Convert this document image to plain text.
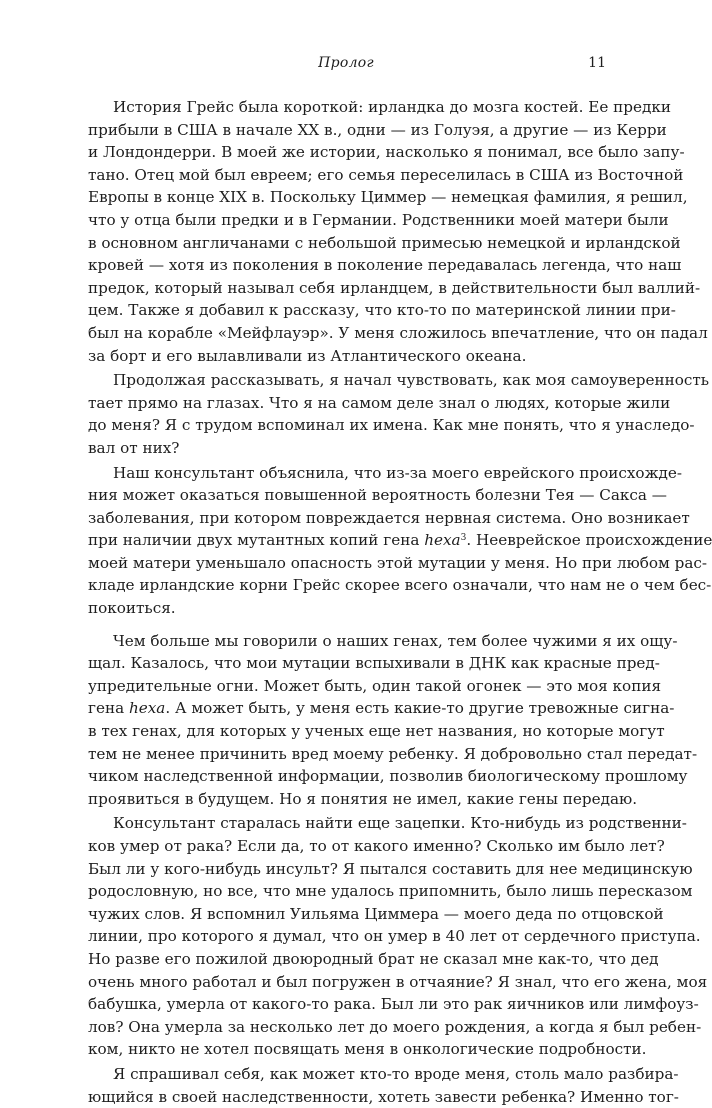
Пролог	11
История Грейс была короткой: ирландка до мозга костей. Ее предки
прибыли в США в начале XX в., одни — из Голуэя, а другие — из Керри
и Лондондерри. В моей же истории, насколько я понимал, все было запу-
тано. Отец мой был евреем; его семья переселилась в США из Восточной
Европы в конце XIX в. Поскольку Циммер — немецкая фамилия, я решил,
что у отца были предки и в Германии. Родственники моей матери были
в основном англичанами с небольшой примесью немецкой и ирландской
кровей — хотя из поколения в поколение передавалась легенда, что наш
предок, который называл себя ирландцем, в действительности был валлий-
цем. Также я добавил к рассказу, что кто-то по материнской линии при-
был на корабле «Мейфлауэр». У меня сложилось впечатление, что он падал
за борт и его вылавливали из Атлантического океана.
Продолжая рассказывать, я начал чувствовать, как моя самоуверенность
тает прямо на глазах. Что я на самом деле знал о людях, которые жили
до меня? Я с трудом вспоминал их имена. Как мне понять, что я унаследо-
вал от них?
Наш консультант объяснила, что из-за моего еврейского происхожде-
ния может оказаться повышенной вероятность болезни Тея — Сакса —
заболевания, при котором повреждается нервная система. Оно возникает
при наличии двух мутантных копий гена hexa$^3$. Нееврейское происхождение
моей матери уменьшало опасность этой мутации у меня. Но при любом рас-
кладе ирландские корни Грейс скорее всего означали, что нам не о чем бес-
покоиться.
Чем больше мы говорили о наших генах, тем более чужими я их ощу-
щал. Казалось, что мои мутации вспыхивали в ДНК как красные пред-
упредительные огни. Может быть, один такой огонек — это моя копия
гена hexa. А может быть, у меня есть какие-то другие тревожные сигна-
в тех генах, для которых у ученых еще нет названия, но которые могут
тем не менее причинить вред моему ребенку. Я добровольно стал передат-
чиком наследственной информации, позволив биологическому прошлому
проявиться в будущем. Но я понятия не имел, какие гены передаю.
Консультант старалась найти еще зацепки. Кто-нибудь из родственни-
ков умер от рака? Если да, то от какого именно? Сколько им было лет?
Был ли у кого-нибудь инсульт? Я пытался составить для нее медицинскую
родословную, но все, что мне удалось припомнить, было лишь пересказом
чужих слов. Я вспомнил Уильяма Циммера — моего деда по отцовской
линии, про которого я думал, что он умер в 40 лет от сердечного приступа.
Но разве его пожилой двоюродный брат не сказал мне как-то, что дед
очень много работал и был погружен в отчаяние? Я знал, что его жена, моя
бабушка, умерла от какого-то рака. Был ли это рак яичников или лимфоуз-
лов? Она умерла за несколько лет до моего рождения, а когда я был ребен-
ком, никто не хотел посвящать меня в онкологические подробности.
Я спрашивал себя, как может кто-то вроде меня, столь мало разбира-
ющийся в своей наследственности, хотеть завести ребенка? Именно тог-
